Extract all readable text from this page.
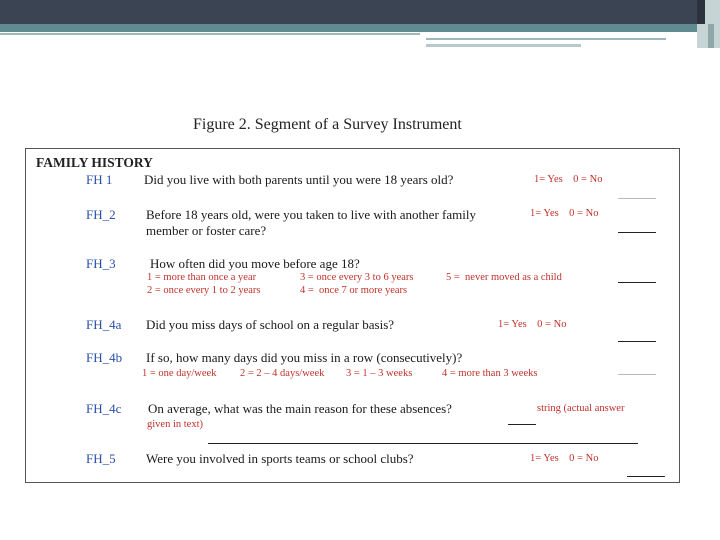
Figure 2. Segment of a Survey Instrument
FAMILY HISTORY
FH 1 Did you live with both parents until you were 18 years old?	1= Yes    0 = No
FH_2 Before 18 years old, were you taken to live with another family
member or foster care?
1= Yes    0 = No
FH_3	How often did you move before age 18?
1 = more than once a year	3 = once every 3 to 6 years	5 =  never moved as a child
2 = once every 1 to 2 years	4 =  once 7 or more years
FH_4a Did you miss days of school on a regular basis?	1= Yes    0 = No
FH_4b If so, how many days did you miss in a row (consecutively)?
1 = one day/week 2 = 2 – 4 days/week 3 = 1 – 3 weeks	4 = more than 3 weeks
FH_4c On average, what was the main reason for these absences?	string (actual answer
given in text)
FH_5 Were you involved in sports teams or school clubs?	1= Yes    0 = No
